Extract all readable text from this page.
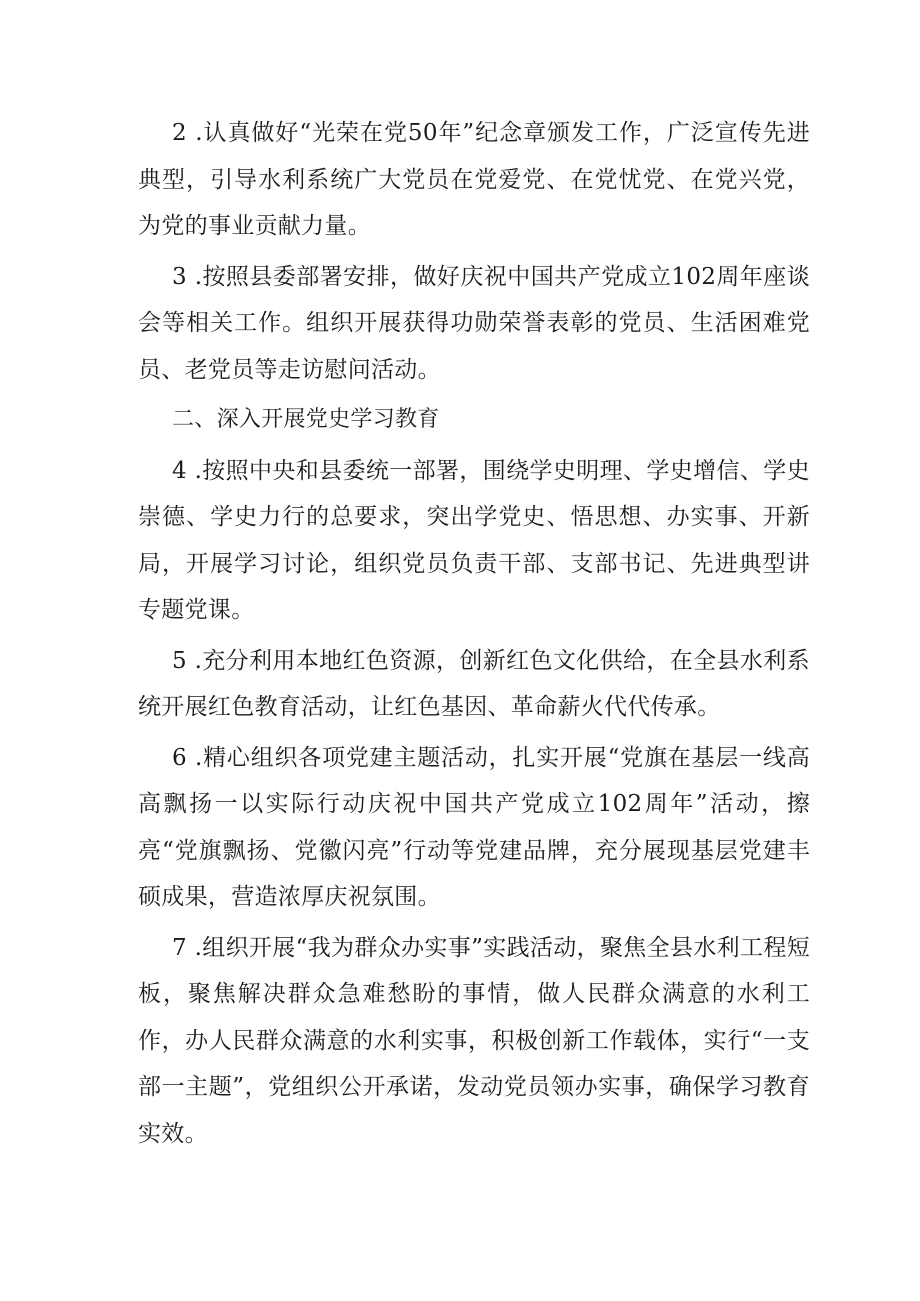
2 .认真做好“光荣在党50年”纪念章颁发工作，广泛宣传先进典型，引导水利系统广大党员在党爱党、在党忧党、在党兴党，为党的事业贡献力量。

3 .按照县委部署安排，做好庆祝中国共产党成立102周年座谈会等相关工作。组织开展获得功勋荣誉表彰的党员、生活困难党员、老党员等走访慰问活动。

二、深入开展党史学习教育

4 .按照中央和县委统一部署，围绕学史明理、学史增信、学史崇德、学史力行的总要求，突出学党史、悟思想、办实事、开新局，开展学习讨论，组织党员负责干部、支部书记、先进典型讲专题党课。

5 .充分利用本地红色资源，创新红色文化供给，在全县水利系统开展红色教育活动，让红色基因、革命薪火代代传承。

6 .精心组织各项党建主题活动，扎实开展“党旗在基层一线高高飘扬一以实际行动庆祝中国共产党成立102周年”活动，擦亮“党旗飘扬、党徽闪亮”行动等党建品牌，充分展现基层党建丰硕成果，营造浓厚庆祝氛围。

7 .组织开展“我为群众办实事”实践活动，聚焦全县水利工程短板，聚焦解决群众急难愁盼的事情，做人民群众满意的水利工作，办人民群众满意的水利实事，积极创新工作载体，实行“一支部一主题”，党组织公开承诺，发动党员领办实事，确保学习教育实效。
